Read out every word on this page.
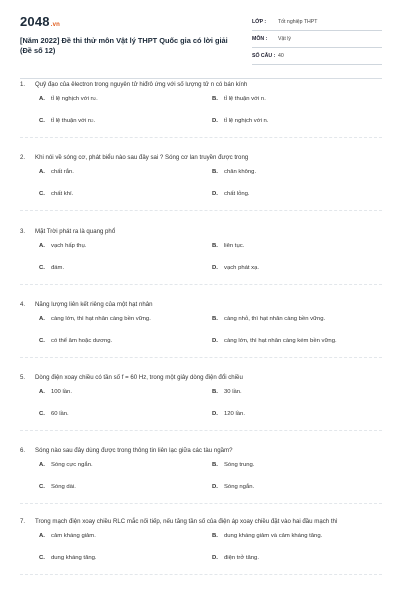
2048.vn
[Năm 2022] Đề thi thử môn Vật lý THPT Quốc gia có lời giải
(Đề số 12)
LỚP :	Tốt nghiệp THPT
MÔN :	Vật lý
SỐ CÂU : 40
1.	Quỹ đạo của êlectron trong nguyên tử hiđrô ứng với số lượng tử n có bán kính
A.	tỉ lệ nghịch với n 2 .	B.	tỉ lệ thuận với n.
C.	tỉ lệ thuận với n 2 .	D.	tỉ lệ nghịch với n.
2.	Khi nói về sóng cơ, phát biểu nào sau đây sai ? Sóng cơ lan truyền được trong
A.	chất rắn.	B.	chân không.
C.	chất khí.	D.	chất lỏng.
3.	Mặt Trời phát ra là quang phổ
A.	vạch hấp thụ.	B.	liên tục.
C.	đám.	D.	vạch phát xạ.
4.	Năng lượng liên kết riêng của một hạt nhân
A.	càng lớn, thì hạt nhân càng bền vững.	B.	càng nhỏ, thì hạt nhân càng bền vững.
C.	có thể âm hoặc dương.	D.	càng lớn, thì hạt nhân càng kém bền vững.
5.	Dòng điện xoay chiều có tần số f = 60 Hz, trong một giây dòng điện đổi chiều
A.	100 lần.	B.	30 lần.
C.	60 lần.	D.	120 lần.
6.	Sóng nào sau đây dùng được trong thông tin liên lạc giữa các tàu ngầm?
A.	Sóng cực ngắn.	B.	Sóng trung.
C.	Sóng dài.	D.	Sóng ngắn.
7.	Trong mạch điện xoay chiều RLC mắc nối tiếp, nếu tăng tần số của điện áp xoay chiều đặt vào hai đầu mạch thì
A.	cảm kháng giảm.	B.	dung kháng giảm và cảm kháng tăng.
C.	dung kháng tăng.	D.	điện trở tăng.
